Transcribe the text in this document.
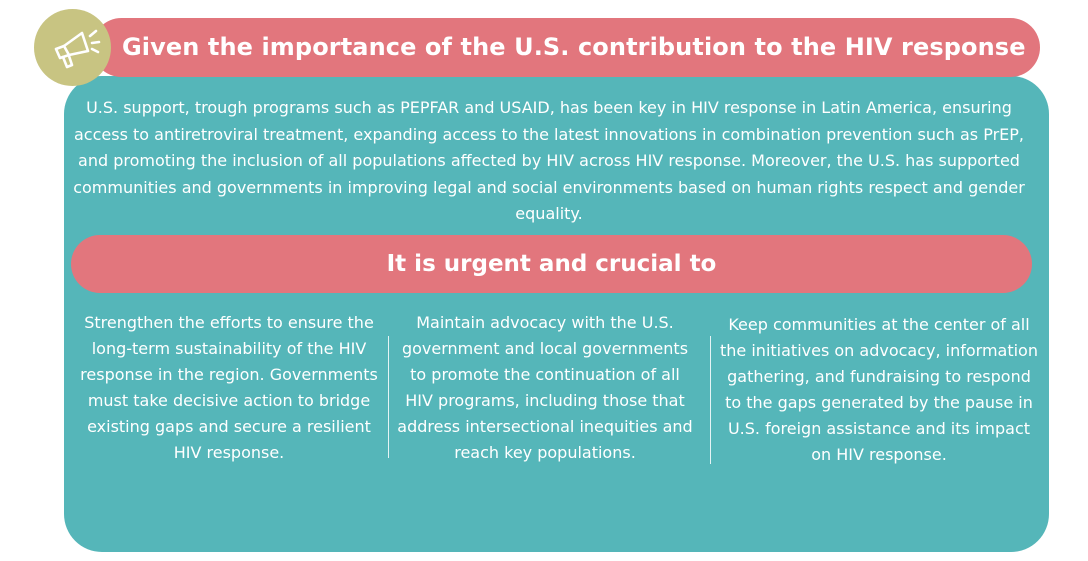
Given the importance of the U.S. contribution to the HIV response
U.S. support, trough programs such as PEPFAR and USAID, has been key in HIV response in Latin America, ensuring access to antiretroviral treatment, expanding access to the latest innovations in combination prevention such as PrEP, and promoting the inclusion of all populations affected by HIV across HIV response. Moreover, the U.S. has supported communities and governments in improving legal and social environments based on human rights respect and gender equality.
It is urgent and crucial to
Strengthen the efforts to ensure the long-term sustainability of the HIV response in the region. Governments must take decisive action to bridge existing gaps and secure a resilient HIV response.
Maintain advocacy with the U.S. government and local governments to promote the continuation of all HIV programs, including those that address intersectional inequities and reach key populations.
Keep communities at the center of all the initiatives on advocacy, information gathering, and fundraising to respond to the gaps generated by the pause in U.S. foreign assistance and its impact on HIV response.
